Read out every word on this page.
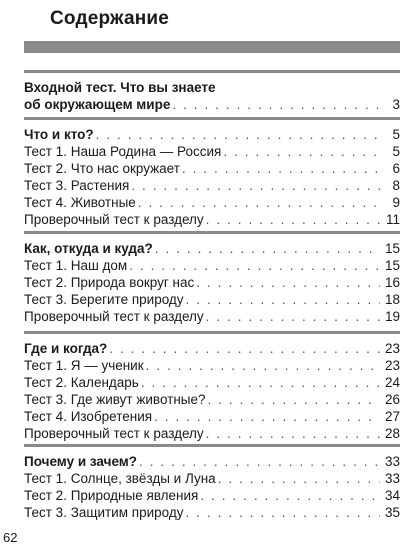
Содержание
Входной тест. Что вы знаете
об окружающем мире . . .	3
Что и кто? . . .	5
Тест 1. Наша Родина — Россия . . .	5
Тест 2. Что нас окружает . . .	6
Тест 3. Растения . . .	8
Тест 4. Животные . . .	9
Проверочный тест к разделу . . .	11
Как, откуда и куда? . . .	15
Тест 1. Наш дом . . .	15
Тест 2. Природа вокруг нас . . .	16
Тест 3. Берегите природу . . .	18
Проверочный тест к разделу . . .	19
Где и когда? . . .	23
Тест 1. Я — ученик . . .	23
Тест 2. Календарь . . .	24
Тест 3. Где живут животные? . . .	26
Тест 4. Изобретения . . .	27
Проверочный тест к разделу . . .	28
Почему и зачем? . . .	33
Тест 1. Солнце, звёзды и Луна . . .	33
Тест 2. Природные явления . . .	34
Тест 3. Защитим природу . . .	35
62
